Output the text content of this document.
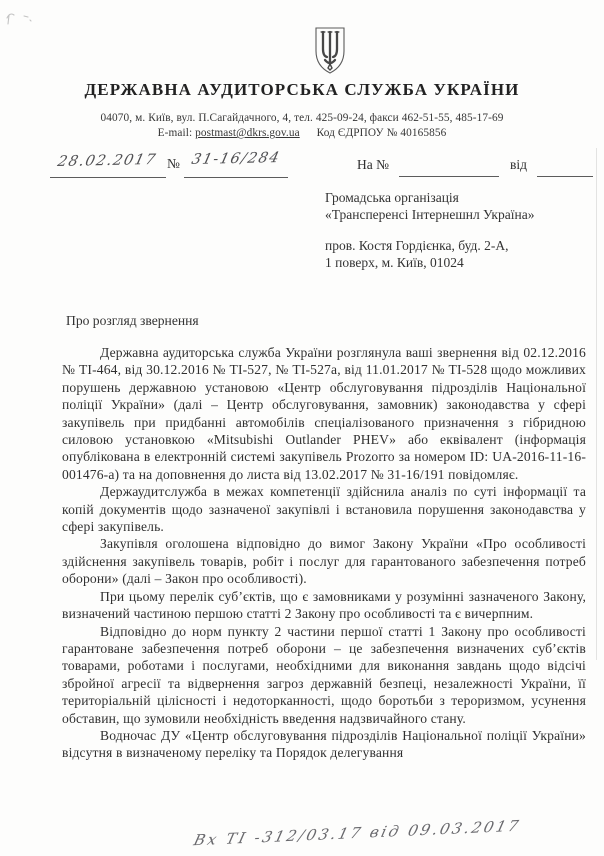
ДЕРЖАВНА АУДИТОРСЬКА СЛУЖБА УКРАЇНИ
04070, м. Київ, вул. П.Сагайдачного, 4, тел. 425-09-24, факси 462-51-55, 485-17-69
E-mail: postmast@dkrs.gov.ua Код ЄДРПОУ № 40165856
28.02.2017 № 31-16/284	На №	від
Громадська організація
«Трансперенсі Інтернешнл Україна»
пров. Костя Гордієнка, буд. 2-А,
1 поверх, м. Київ, 01024
Про розгляд звернення

Державна аудиторська служба України розглянула ваші звернення від 02.12.2016 № ТІ-464, від 30.12.2016 № ТІ-527, № ТІ-527а, від 11.01.2017 № ТІ-528 щодо можливих порушень державною установою «Центр обслуговування підрозділів Національної поліції України» (далі – Центр обслуговування, замовник) законодавства у сфері закупівель при придбанні автомобілів спеціалізованого призначення з гібридною силовою установкою «Mitsubishi Outlander PHEV» або еквівалент (інформація опублікована в електронній системі закупівель Prozorro за номером ID: UA-2016-11-16-001476-а) та на доповнення до листа від 13.02.2017 № 31-16/191 повідомляє.

Держаудитслужба в межах компетенції здійснила аналіз по суті інформації та копій документів щодо зазначеної закупівлі і встановила порушення законодавства у сфері закупівель.

Закупівля оголошена відповідно до вимог Закону України «Про особливості здійснення закупівель товарів, робіт і послуг для гарантованого забезпечення потреб оборони» (далі – Закон про особливості).

При цьому перелік суб’єктів, що є замовниками у розумінні зазначеного Закону, визначений частиною першою статті 2 Закону про особливості та є вичерпним.

Відповідно до норм пункту 2 частини першої статті 1 Закону про особливості гарантоване забезпечення потреб оборони – це забезпечення визначених суб’єктів товарами, роботами і послугами, необхідними для виконання завдань щодо відсічі збройної агресії та відвернення загроз державній безпеці, незалежності України, її територіальній цілісності і недоторканності, щодо боротьби з тероризмом, усунення обставин, що зумовили необхідність введення надзвичайного стану.

Водночас ДУ «Центр обслуговування підрозділів Національної поліції України» відсутня в визначеному переліку та Порядок делегування

Вх ТІ -312/03.17 від 09.03.2017
